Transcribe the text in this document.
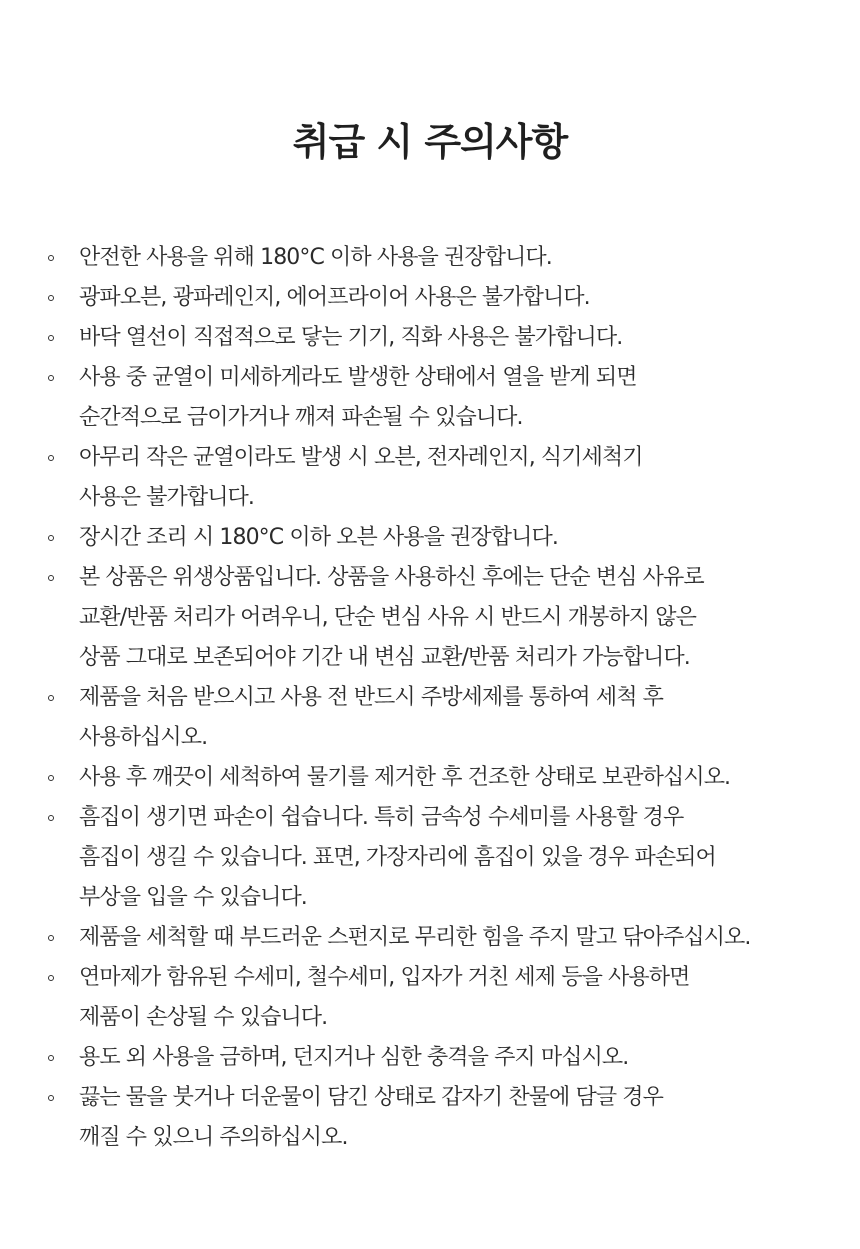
취급 시 주의사항
안전한 사용을 위해 180°C 이하 사용을 권장합니다.
광파오븐, 광파레인지, 에어프라이어 사용은 불가합니다.
바닥 열선이 직접적으로 닿는 기기, 직화 사용은 불가합니다.
사용 중 균열이 미세하게라도 발생한 상태에서 열을 받게 되면
순간적으로 금이가거나 깨져 파손될 수 있습니다.
아무리 작은 균열이라도 발생 시 오븐, 전자레인지, 식기세척기
사용은 불가합니다.
장시간 조리 시 180°C 이하 오븐 사용을 권장합니다.
본 상품은 위생상품입니다. 상품을 사용하신 후에는 단순 변심 사유로
교환/반품 처리가 어려우니, 단순 변심 사유 시 반드시 개봉하지 않은
상품 그대로 보존되어야 기간 내 변심 교환/반품 처리가 가능합니다.
제품을 처음 받으시고 사용 전 반드시 주방세제를 통하여 세척 후
사용하십시오.
사용 후 깨끗이 세척하여 물기를 제거한 후 건조한 상태로 보관하십시오.
흠집이 생기면 파손이 쉽습니다. 특히 금속성 수세미를 사용할 경우
흠집이 생길 수 있습니다. 표면, 가장자리에 흠집이 있을 경우 파손되어
부상을 입을 수 있습니다.
제품을 세척할 때 부드러운 스펀지로 무리한 힘을 주지 말고 닦아주십시오.
연마제가 함유된 수세미, 철수세미, 입자가 거친 세제 등을 사용하면
제품이 손상될 수 있습니다.
용도 외 사용을 금하며, 던지거나 심한 충격을 주지 마십시오.
끓는 물을 붓거나 더운물이 담긴 상태로 갑자기 찬물에 담글 경우
깨질 수 있으니 주의하십시오.
